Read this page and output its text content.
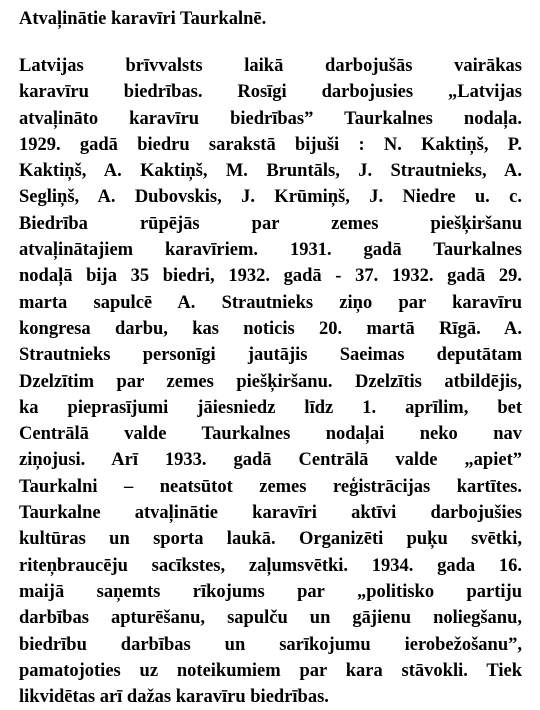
Atvaļinātie karavīri Taurkalnē.
Latvijas brīvvalsts laikā darbojušās vairākas
karavīru biedrības. Rosīgi darbojusies „Latvijas
atvaļināto karavīru biedrības” Taurkalnes nodaļa.
1929. gadā biedru sarakstā bijuši : N. Kaktiņš, P.
Kaktiņš, A. Kaktiņš, M. Bruntāls, J. Strautnieks, A.
Segliņš, A. Dubovskis, J. Krūmiņš, J. Niedre u. c.
Biedrība rūpējās par zemes piešķiršanu
atvaļinātajiem karavīriem. 1931. gadā Taurkalnes
nodaļā bija 35 biedri, 1932. gadā - 37. 1932. gadā 29.
marta sapulcē A. Strautnieks ziņo par karavīru
kongresa darbu, kas noticis 20. martā Rīgā. A.
Strautnieks personīgi jautājis Saeimas deputātam
Dzelzītim par zemes piešķiršanu. Dzelzītis atbildējis,
ka pieprasījumi jāiesniedz līdz 1. aprīlim, bet
Centrālā valde Taurkalnes nodaļai neko nav
ziņojusi. Arī 1933. gadā Centrālā valde „apiet”
Taurkalni – neatsūtot zemes reģistrācijas kartītes.
Taurkalne atvaļinātie karavīri aktīvi darbojušies
kultūras un sporta laukā. Organizēti puķu svētki,
riteņbraucēju sacīkstes, zaļumsvētki. 1934. gada 16.
maijā saņemts rīkojums par „politisko partiju
darbības apturēšanu, sapulču un gājienu noliegšanu,
biedrību darbības un sarīkojumu ierobežošanu”,
pamatojoties uz noteikumiem par kara stāvokli. Tiek
likvidētas arī dažas karavīru biedrības.
